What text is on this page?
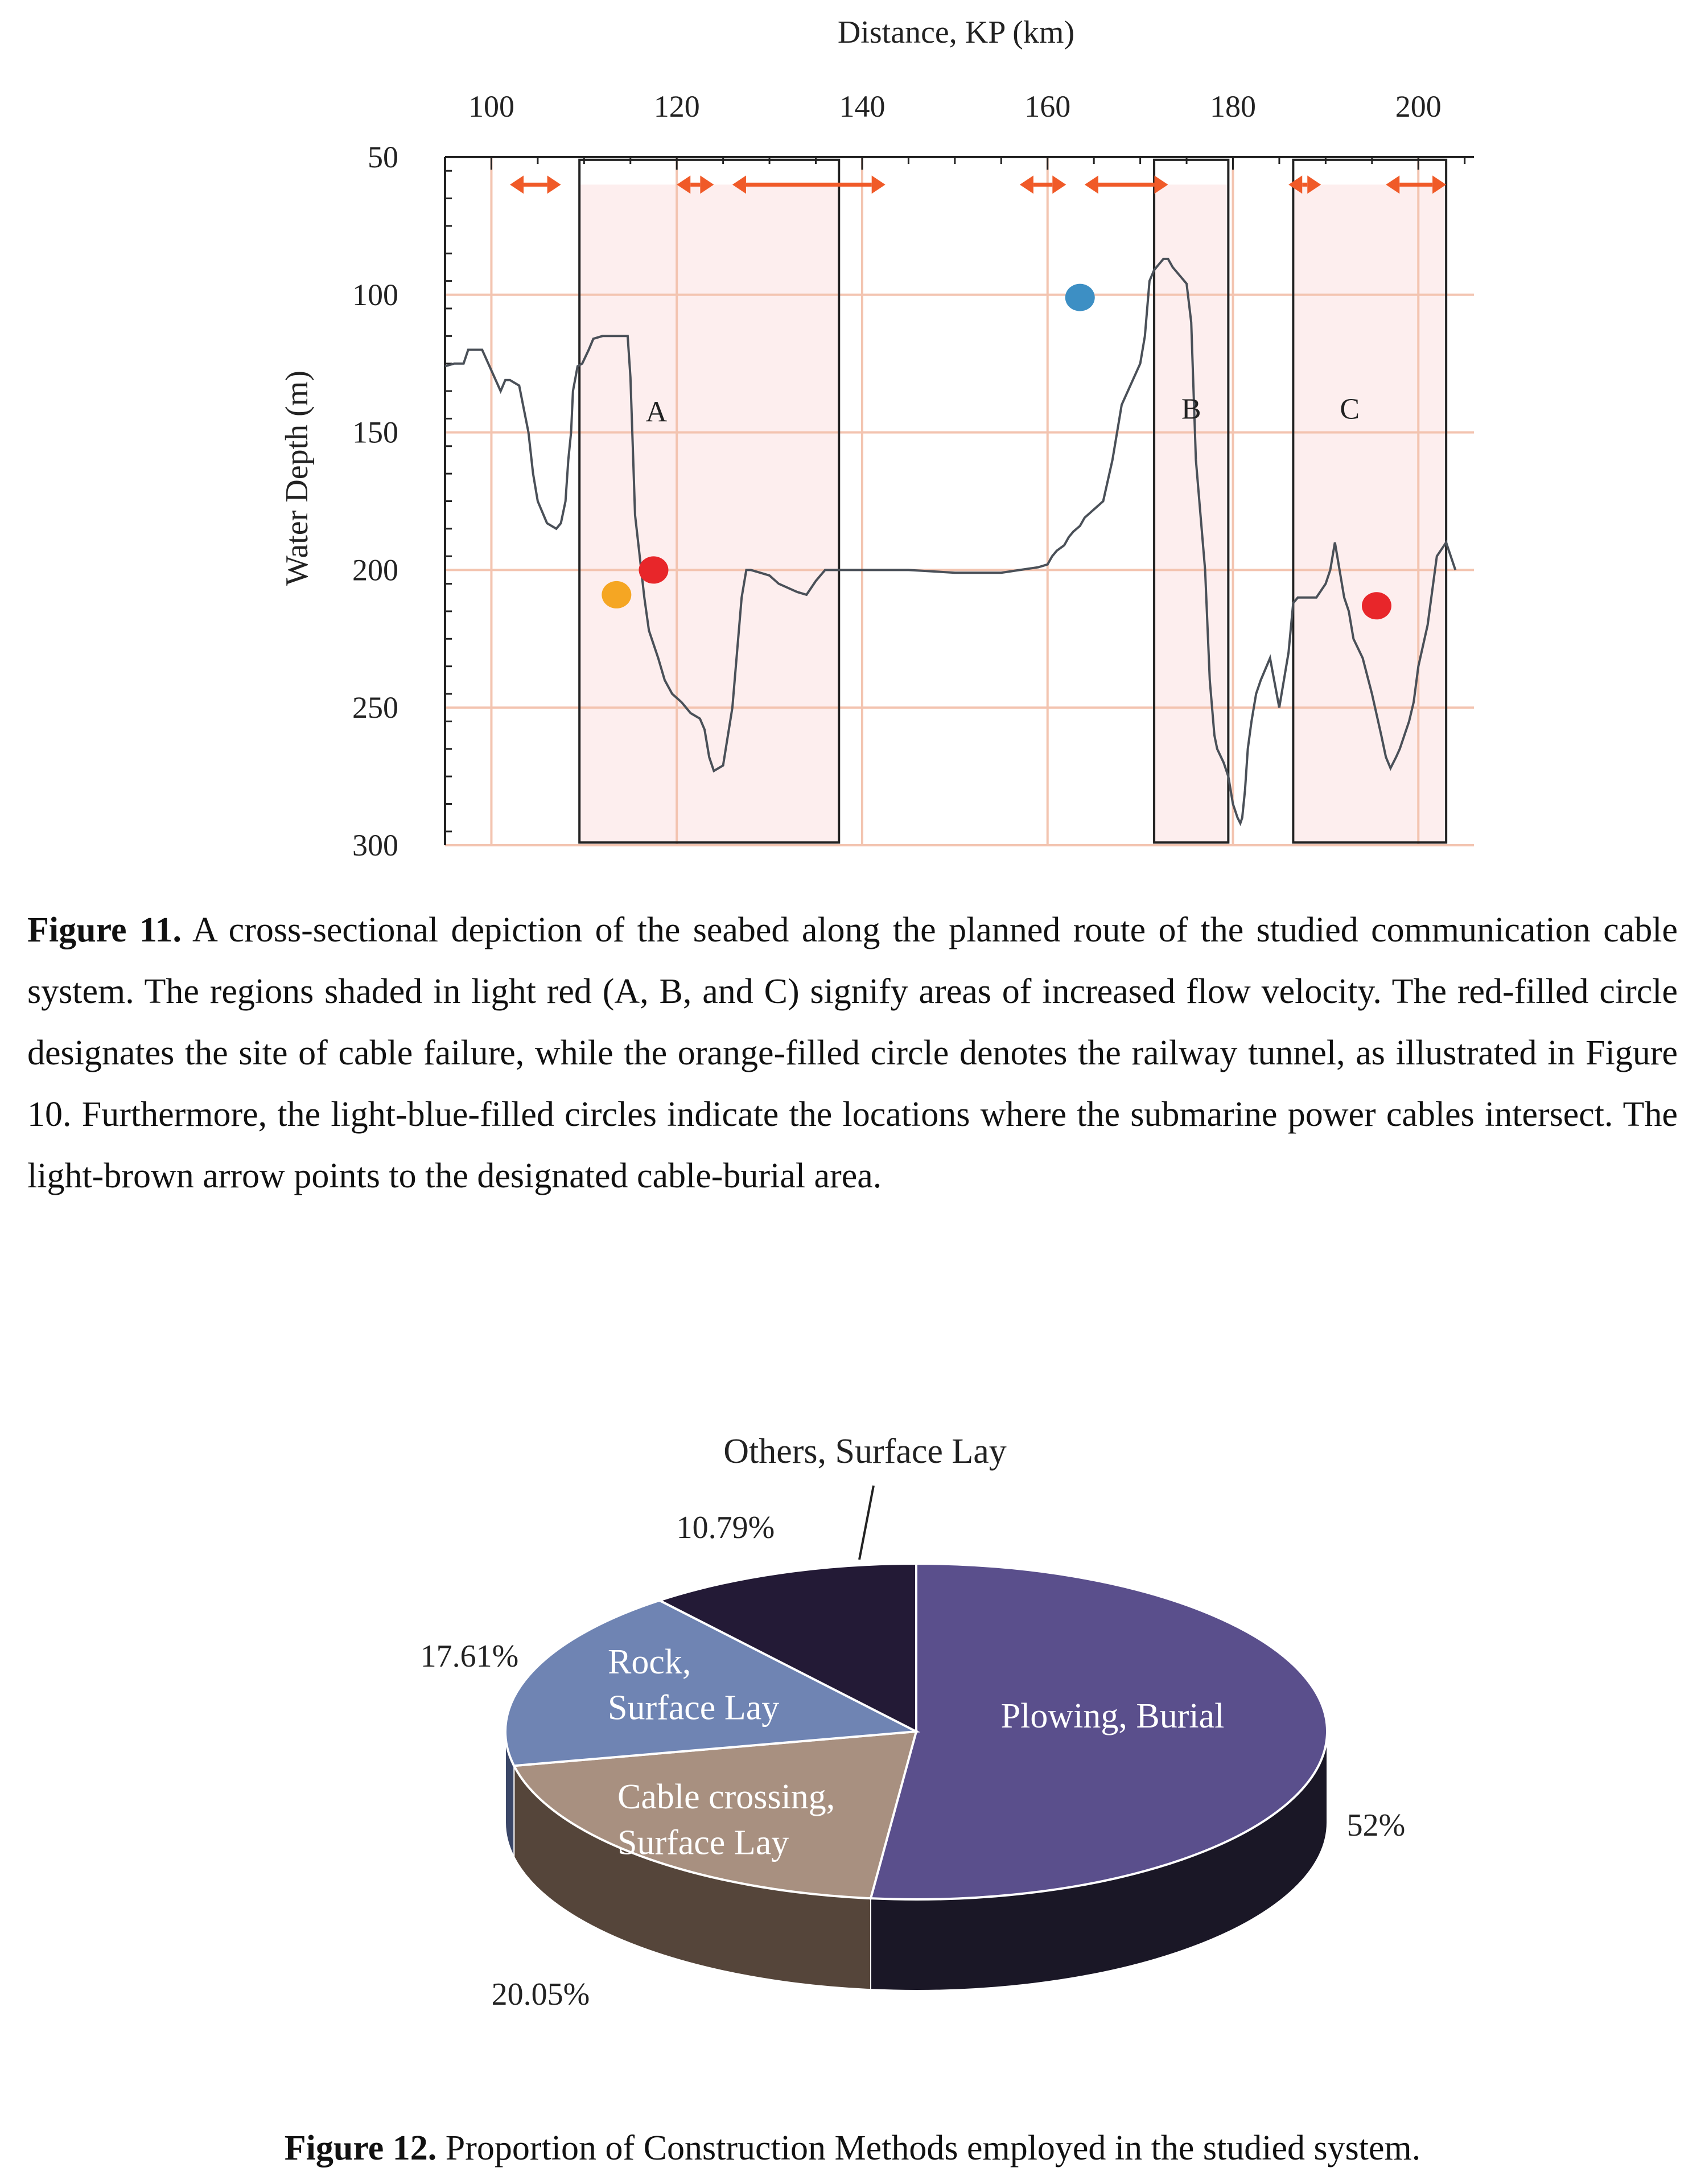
Distance, KP (km)
Water Depth (m)
100	120	140	160	180	200
50
100
150
200
250
300
A	B	C
Figure 11. A cross-sectional depiction of the seabed along the planned route of the studied communication cable system. The regions shaded in light red (A, B, and C) signify areas of increased flow velocity. The red-filled circle designates the site of cable failure, while the orange-filled circle denotes the railway tunnel, as illustrated in Figure 10. Furthermore, the light-blue-filled circles indicate the locations where the submarine power cables intersect. The light-brown arrow points to the designated cable-burial area.
Plowing, Burial
Cable crossing, Surface Lay
Rock, Surface Lay
Others, Surface Lay
52%
20.05%
17.61%
10.79%
Figure 12. Proportion of Construction Methods employed in the studied system.
